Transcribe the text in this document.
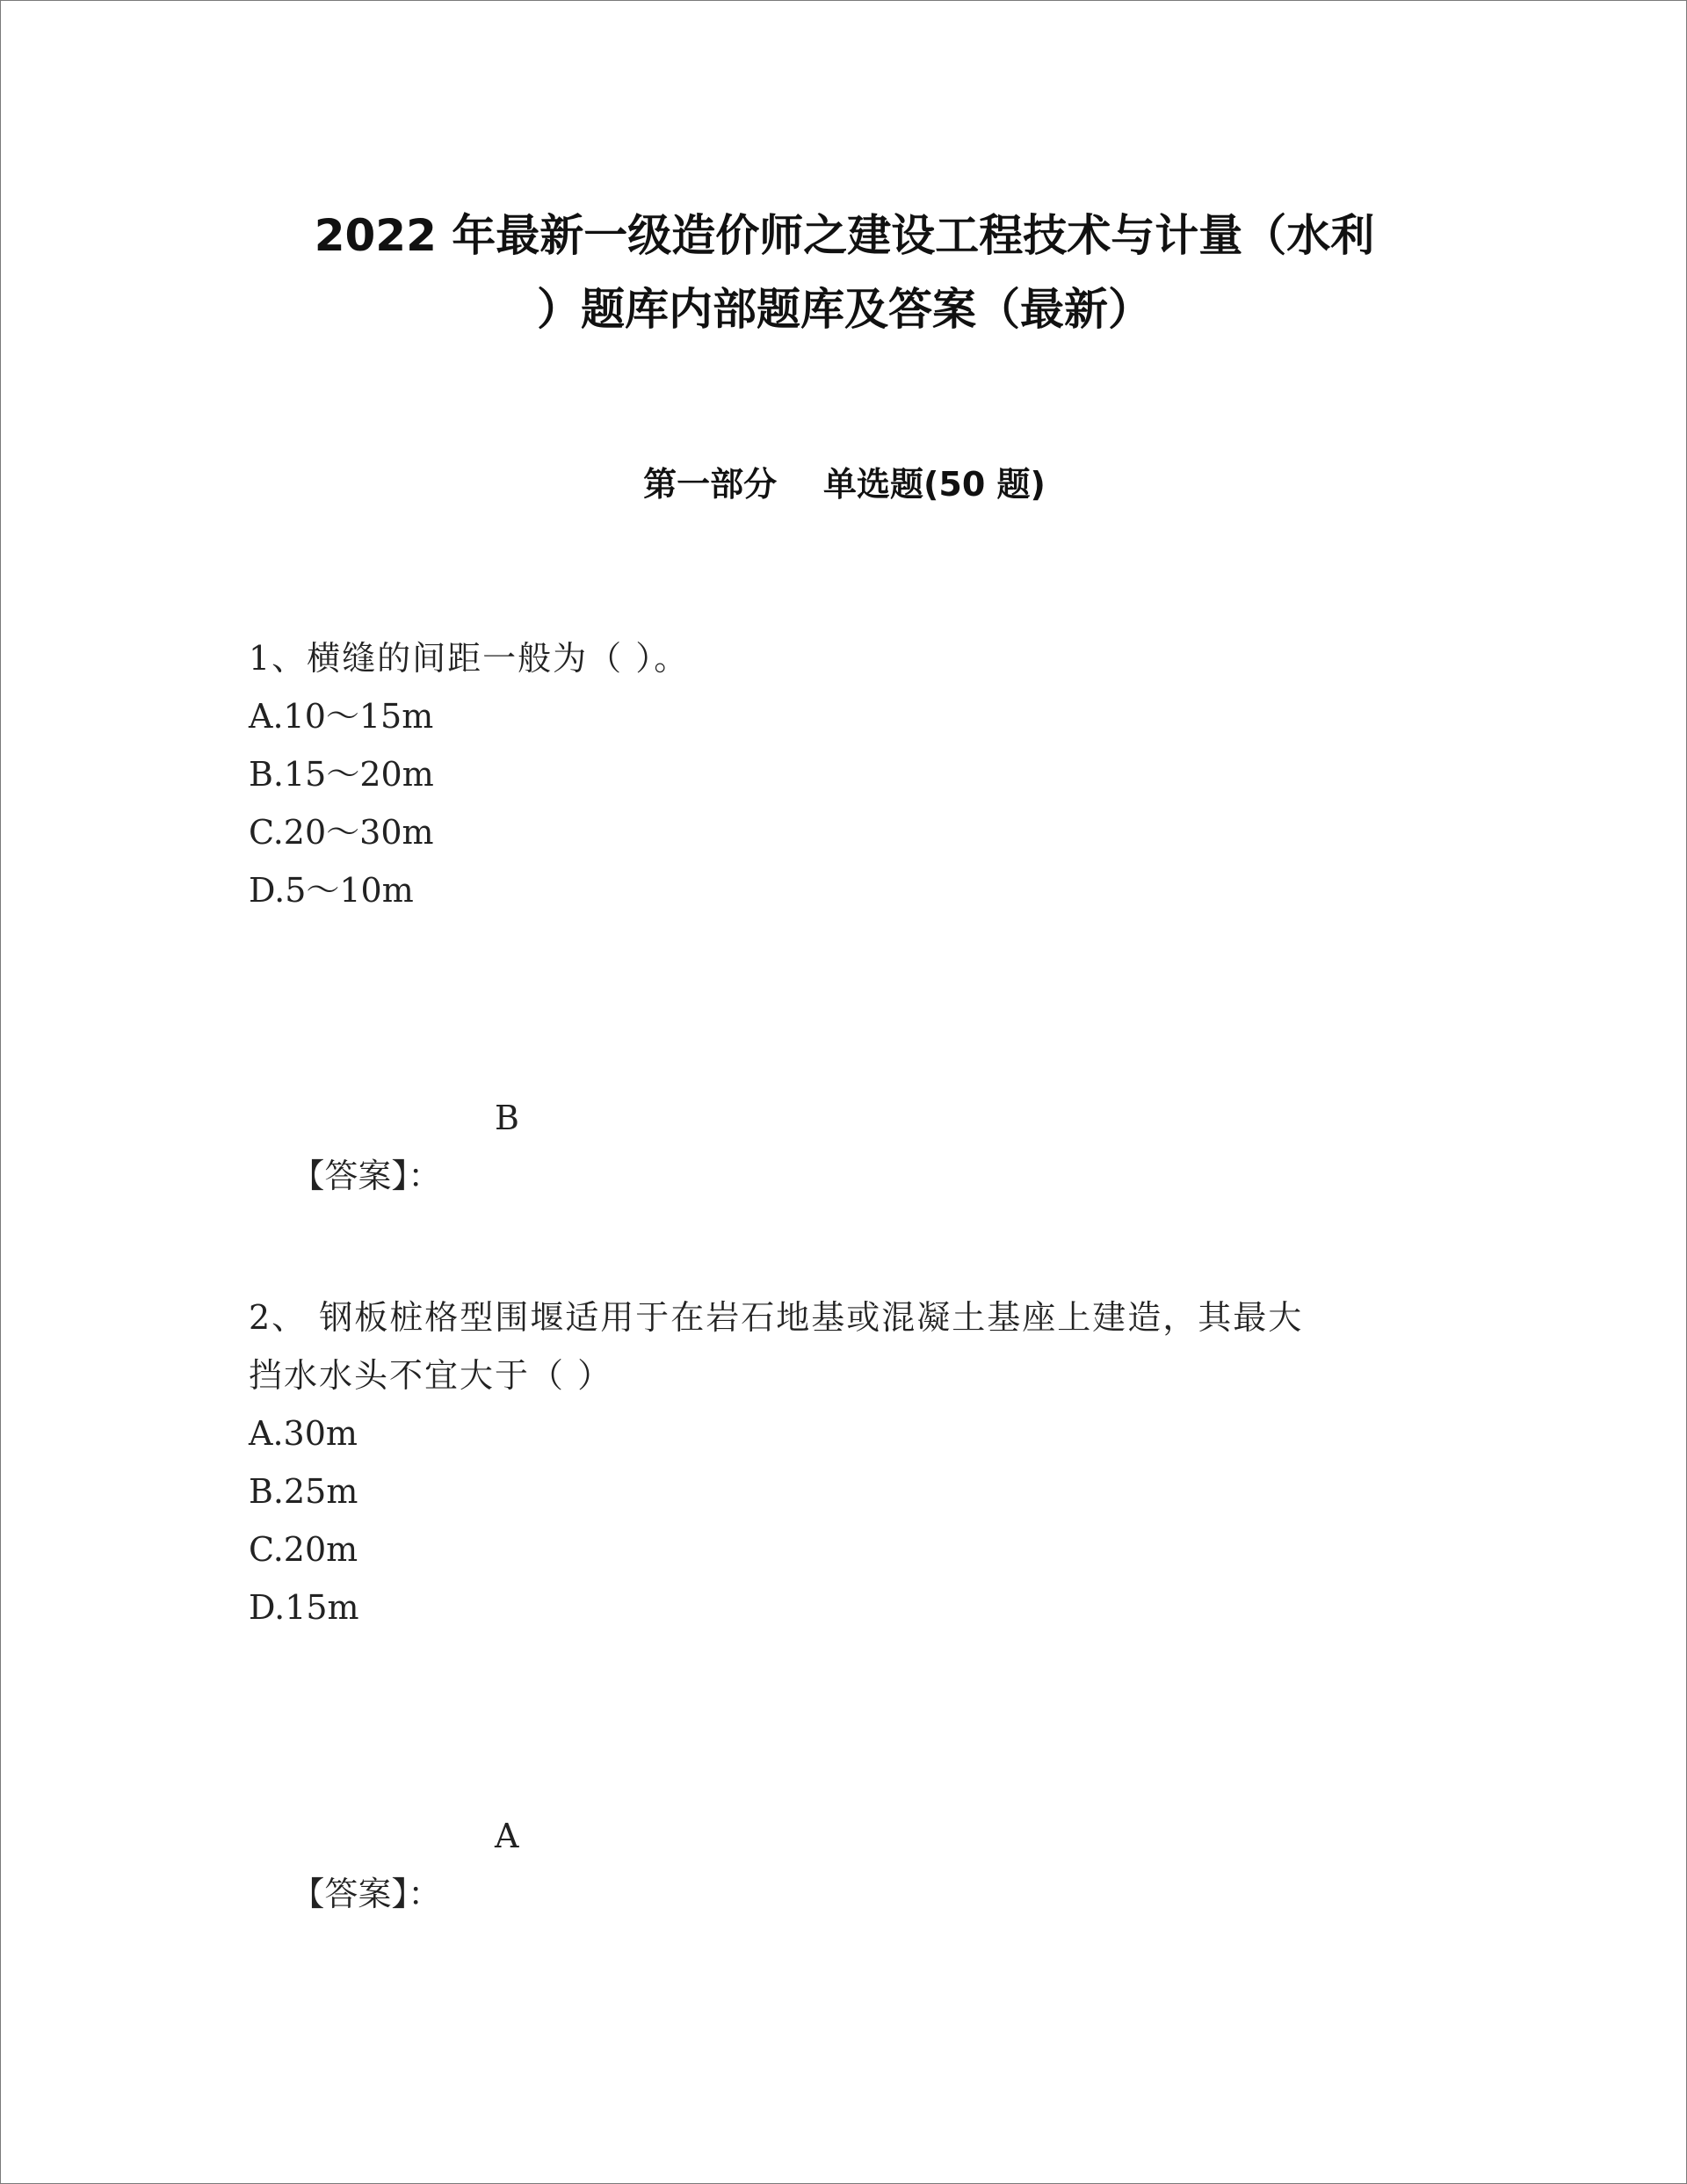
2022 年最新一级造价师之建设工程技术与计量（水利
）题库内部题库及答案（最新）
第一部分    单选题(50 题)

1、横缝的间距一般为（ ）。

A.10～15m

B.15～20m

C.20～30m

D.5～10m

【答案】：

B

2、 钢板桩格型围堰适用于在岩石地基或混凝土基座上建造，其最大

挡水水头不宜大于（ ）

A.30m

B.25m

C.20m

D.15m

【答案】：

A
